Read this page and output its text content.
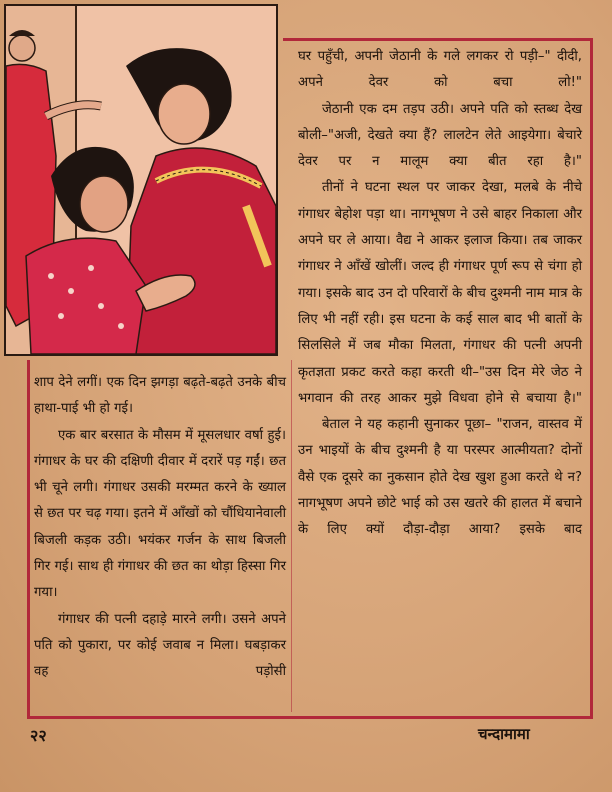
घर पहुँची, अपनी जेठानी के गले लगकर रो पड़ी–" दीदी, अपने देवर को बचा लो!"

जेठानी एक दम तड़प उठी। अपने पति को स्तब्ध देख बोली–"अजी, देखते क्या हैं? लालटेन लेते आइयेगा। बेचारे देवर पर न मालूम क्या बीत रहा है।"

तीनों ने घटना स्थल पर जाकर देखा, मलबे के नीचे गंगाधर बेहोश पड़ा था। नागभूषण ने उसे बाहर निकाला और अपने घर ले आया। वैद्य ने आकर इलाज किया। तब जाकर गंगाधर ने आँखें खोलीं। जल्द ही गंगाधर पूर्ण रूप से चंगा हो गया। इसके बाद उन दो परिवारों के बीच दुश्मनी नाम मात्र के लिए भी नहीं रही। इस घटना के कई साल बाद भी बातों के सिलसिले में जब मौका मिलता, गंगाधर की पत्नी अपनी कृतज्ञता प्रकट करते कहा करती थी–"उस दिन मेरे जेठ ने भगवान की तरह आकर मुझे विधवा होने से बचाया है।"

बेताल ने यह कहानी सुनाकर पूछा– "राजन, वास्तव में उन भाइयों के बीच दुश्मनी है या परस्पर आत्मीयता? दोनों वैसे एक दूसरे का नुकसान होते देख खुश हुआ करते थे न? नागभूषण अपने छोटे भाई को उस खतरे की हालत में बचाने के लिए क्यों दौड़ा-दौड़ा आया? इसके बाद

शाप देने लगीं। एक दिन झगड़ा बढ़ते-बढ़ते उनके बीच हाथा-पाई भी हो गई।

एक बार बरसात के मौसम में मूसलधार वर्षा हुई। गंगाधर के घर की दक्षिणी दीवार में दरारें पड़ गईं। छत भी चूने लगी। गंगाधर उसकी मरम्मत करने के ख्याल से छत पर चढ़ गया। इतने में आँखों को चौंधियानेवाली बिजली कड़क उठी। भयंकर गर्जन के साथ बिजली गिर गई। साथ ही गंगाधर की छत का थोड़ा हिस्सा गिर गया।

गंगाधर की पत्नी दहाड़े मारने लगी। उसने अपने पति को पुकारा, पर कोई जवाब न मिला। घबड़ाकर वह पड़ोसी

२२	चन्दामामा
